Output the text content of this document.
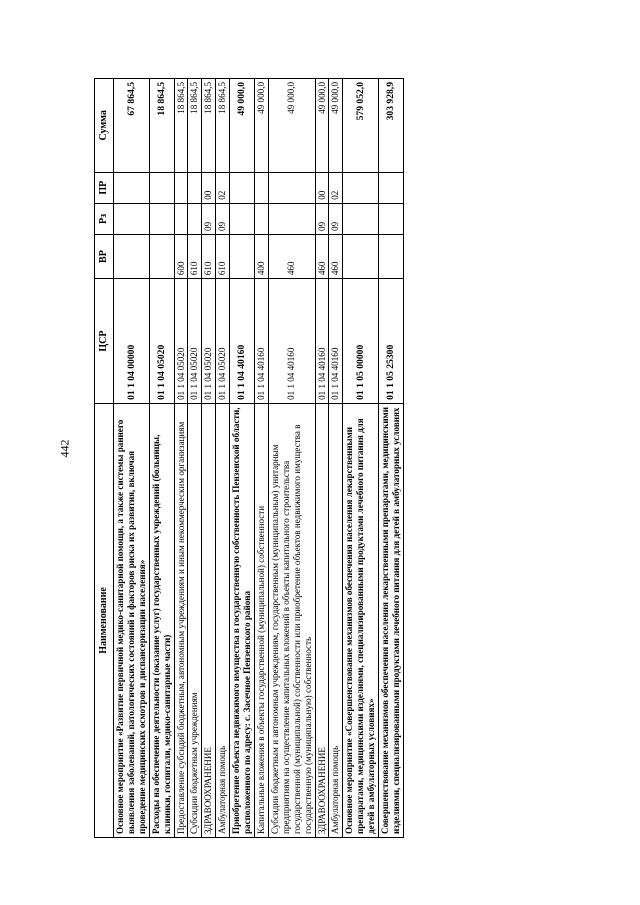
442
Наименование	ЦСР	ВР	Рз	ПР	Сумма
Основное мероприятие «Развитие первичной медико-санитарной помощи, а также системы раннего выявления заболеваний, патологических состояний и факторов риска их развития, включая проведение медицинских осмотров и диспансеризации населения»	01 1 04 00000				67 864,5
Расходы на обеспечение деятельности (оказание услуг) государственных учреждений (больницы, клиники, госпитали, медико-санитарные части)	01 1 04 05020				18 864,5
Предоставление субсидий бюджетным, автономным учреждениям и иным некоммерческим организациям	01 1 04 05020	600			18 864,5
Субсидии бюджетным учреждениям	01 1 04 05020	610			18 864,5
ЗДРАВООХРАНЕНИЕ	01 1 04 05020	610	09	00	18 864,5
Амбулаторная помощь	01 1 04 05020	610	09	02	18 864,5
Приобретение объекта недвижимого имущества в государственную собственность Пензенской области, расположенного по адресу: с. Засечное Пензенского района	01 1 04 40160				49 000,0
Капитальные вложения в объекты государственной (муниципальной) собственности	01 1 04 40160	400			49 000,0
Субсидии бюджетным и автономным учреждениям, государственным (муниципальным) унитарным предприятиям на осуществление капитальных вложений в объекты капитального строительства государственной (муниципальной) собственности или приобретение объектов недвижимого имущества в государственную (муниципальную) собственность	01 1 04 40160	460			49 000,0
ЗДРАВООХРАНЕНИЕ	01 1 04 40160	460	09	00	49 000,0
Амбулаторная помощь	01 1 04 40160	460	09	02	49 000,0
Основное мероприятие «Совершенствование механизмов обеспечения населения лекарственными препаратами, медицинскими изделиями, специализированными продуктами лечебного питания для детей в амбулаторных условиях»	01 1 05 00000				579 052,0
Совершенствование механизмов обеспечения населения лекарственными препаратами, медицинскими изделиями, специализированными продуктами лечебного питания для детей в амбулаторных условиях	01 1 05 25300				303 928,9
